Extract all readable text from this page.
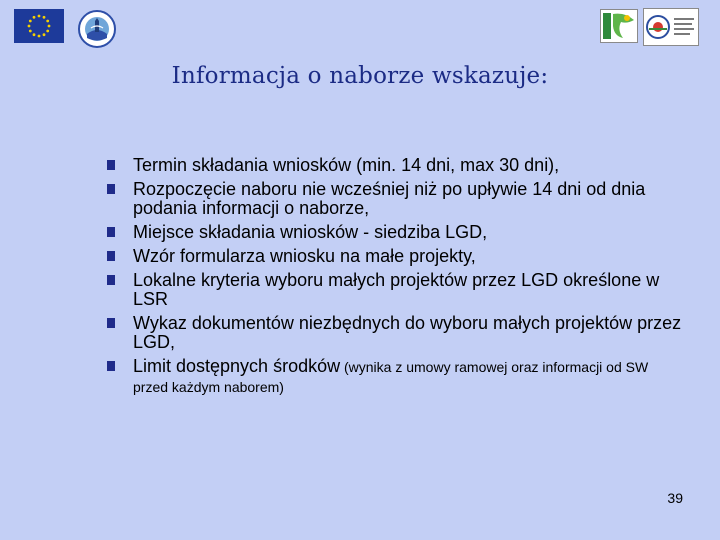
Informacja o naborze wskazuje:
Termin składania wniosków (min. 14 dni, max 30 dni),
Rozpoczęcie naboru nie wcześniej niż po upływie 14 dni od dnia podania informacji o naborze,
Miejsce składania wniosków - siedziba LGD,
Wzór formularza wniosku na małe projekty,
Lokalne kryteria wyboru małych projektów przez LGD określone w LSR
Wykaz dokumentów niezbędnych do wyboru małych projektów przez LGD,
Limit dostępnych środków (wynika z umowy ramowej oraz informacji od SW przed każdym naborem)
39
